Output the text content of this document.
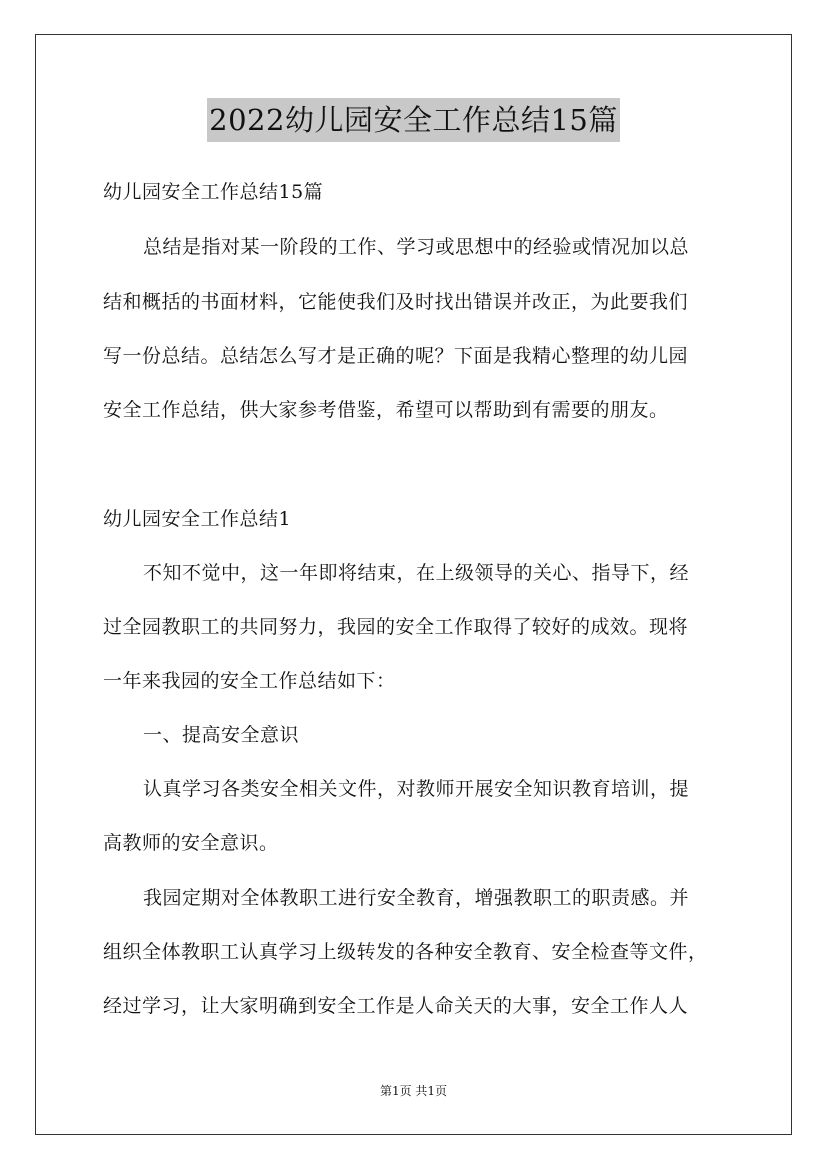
2022幼儿园安全工作总结15篇
幼儿园安全工作总结15篇
总结是指对某一阶段的工作、学习或思想中的经验或情况加以总
结和概括的书面材料，它能使我们及时找出错误并改正，为此要我们
写一份总结。总结怎么写才是正确的呢？下面是我精心整理的幼儿园
安全工作总结，供大家参考借鉴，希望可以帮助到有需要的朋友。
幼儿园安全工作总结1
不知不觉中，这一年即将结束，在上级领导的关心、指导下，经
过全园教职工的共同努力，我园的安全工作取得了较好的成效。现将
一年来我园的安全工作总结如下：
一、提高安全意识
认真学习各类安全相关文件，对教师开展安全知识教育培训，提
高教师的安全意识。
我园定期对全体教职工进行安全教育，增强教职工的职责感。并
组织全体教职工认真学习上级转发的各种安全教育、安全检查等文件，
经过学习，让大家明确到安全工作是人命关天的大事，安全工作人人
第1页 共1页
